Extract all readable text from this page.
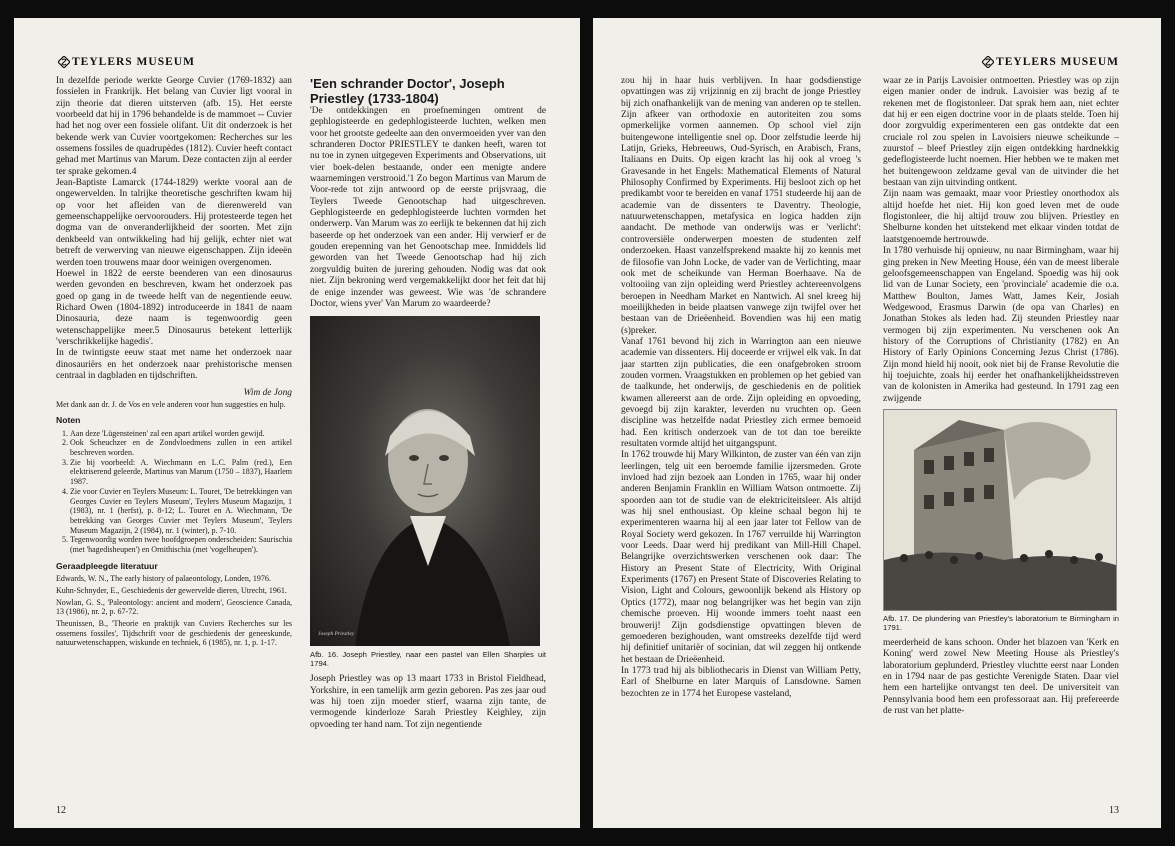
TEYLERS MUSEUM

In dezelfde periode werkte George Cuvier (1769-1832) aan fossielen in Frankrijk. Het belang van Cuvier ligt vooral in zijn theorie dat dieren uitsterven (afb. 15). Het eerste voorbeeld dat hij in 1796 behandelde is de mammoet -- Cuvier had het nog over een fossiele olifant. Uit dit onderzoek is het bekende werk van Cuvier voortgekomen: Recherches sur les ossemens fossiles de quadrupèdes (1812). Cuvier heeft contact gehad met Martinus van Marum. Deze contacten zijn al eerder ter sprake gekomen.4

Jean-Baptiste Lamarck (1744-1829) werkte vooral aan de ongewervelden. In talrijke theoretische geschriften kwam hij op voor het afleiden van de dierenwereld van gemeenschappelijke oervoorouders. Hij protesteerde tegen het dogma van de onveranderlijkheid der soorten. Met zijn denkbeeld van ontwikkeling had hij gelijk, echter niet wat betreft de verwerving van nieuwe eigenschappen. Zijn ideeën werden toen trouwens maar door weinigen overgenomen.

Hoewel in 1822 de eerste beenderen van een dinosaurus werden gevonden en beschreven, kwam het onderzoek pas goed op gang in de tweede helft van de negentiende eeuw. Richard Owen (1804-1892) introduceerde in 1841 de naam Dinosauria, deze naam is tegenwoordig geen wetenschappelijke meer.5 Dinosaurus betekent letterlijk 'verschrikkelijke hagedis'.

In de twintigste eeuw staat met name het onderzoek naar dinosauriërs en het onderzoek naar prehistorische mensen centraal in dagbladen en tijdschriften.

Wim de Jong

Met dank aan dr. J. de Vos en vele anderen voor hun suggesties en hulp.

Noten
1. Aan deze 'Lügensteinen' zal een apart artikel worden gewijd.
2. Ook Scheuchzer en de Zondvloedmens zullen in een artikel beschreven worden.
3. Zie bij voorbeeld: A. Wiechmann en L.C. Palm (red.), Een elektriserend geleerde, Martinus van Marum (1750 – 1837), Haarlem 1987.
4. Zie voor Cuvier en Teylers Museum: L. Touret, 'De betrekkingen van Georges Cuvier en Teylers Museum', Teylers Museum Magazijn, 1 (1983), nr. 1 (herfst), p. 8-12; L. Touret en A. Wiechmann, 'De betrekking van Georges Cuvier met Teylers Museum', Teylers Museum Magazijn, 2 (1984), nr. 1 (winter), p. 7-10.
5. Tegenwoordig worden twee hoofdgroepen onderscheiden: Saurischia (met 'hagedisheupen') en Ornithischia (met 'vogelheupen').
Geraadpleegde literatuur

Edwards, W. N., The early history of palaeontology, Londen, 1976.

Kuhn-Schnyder, E., Geschiedenis der gewervelde dieren, Utrecht, 1961.

Nowlan, G. S., 'Paleontology: ancient and modern', Geoscience Canada, 13 (1986), nr. 2, p. 67-72.

Theunissen, B., 'Theorie en praktijk van Cuviers Recherches sur les ossemens fossiles', Tijdschrift voor de geschiedenis der geneeskunde, natuurwetenschappen, wiskunde en techniek, 6 (1985), nr. 1, p. 1-17.

'Een schrander Doctor', Joseph Priestley (1733-1804)

'De ontdekkingen en proefnemingen omtrent de gephlogisteerde en gedephlogisteerde luchten, welken men voor het grootste gedeelte aan den onvermoeiden yver van den schranderen Doctor PRIESTLEY te danken heeft, waren tot nu toe in zynen uitgegeven Experiments and Observations, uit vier boek-delen bestaande, onder een menigte andere waarnemingen verstrooid.'1 Zo begon Martinus van Marum de Voor-rede tot zijn antwoord op de eerste prijsvraag, die Teylers Tweede Genootschap had uitgeschreven. Gephlogisteerde en gedephlogisteerde luchten vormden het onderwerp. Van Marum was zo eerlijk te bekennen dat hij zich baseerde op het onderzoek van een ander. Hij verwierf er de gouden erepenning van het Genootschap mee. Inmiddels lid geworden van het Tweede Genootschap had hij zich zorgvuldig buiten de jurering gehouden. Nodig was dat ook niet. Zijn bekroning werd vergemakkelijkt door het feit dat hij de enige inzender was geweest. Wie was 'de schrandere Doctor, wiens yver' Van Marum zo waardeerde?

Joseph Priestley

Afb. 16. Joseph Priestley, naar een pastel van Ellen Sharples uit 1794.

Joseph Priestley was op 13 maart 1733 in Bristol Fieldhead, Yorkshire, in een tamelijk arm gezin geboren. Pas zes jaar oud was hij toen zijn moeder stierf, waarna zijn tante, de vermogende kinderloze Sarah Priestley Keighley, zijn opvoeding ter hand nam. Tot zijn negentiende

12
TEYLERS MUSEUM

zou hij in haar huis verblijven. In haar godsdienstige opvattingen was zij vrijzinnig en zij bracht de jonge Priestley bij zich onafhankelijk van de mening van anderen op te stellen. Zijn afkeer van orthodoxie en autoriteiten zou soms opmerkelijke vormen aannemen. Op school viel zijn buitengewone intelligentie snel op. Door zelfstudie leerde hij Latijn, Grieks, Hebreeuws, Oud-Syrisch, en Arabisch, Frans, Italiaans en Duits. Op eigen kracht las hij ook al vroeg 's Gravesande in het Engels: Mathematical Elements of Natural Philosophy Confirmed by Experiments. Hij besloot zich op het predikambt voor te bereiden en vanaf 1751 studeerde hij aan de academie van de dissenters te Daventry. Theologie, natuurwetenschappen, metafysica en logica hadden zijn aandacht. De methode van onderwijs was er 'verlicht': controversiële onderwerpen moesten de studenten zelf onderzoeken. Haast vanzelfsprekend maakte hij zo kennis met de filosofie van John Locke, de vader van de Verlichting, maar ook met de scheikunde van Herman Boerhaave. Na de voltooiing van zijn opleiding werd Priestley achtereenvolgens beroepen in Needham Market en Nantwich. Al snel kreeg hij moeilijkheden in beide plaatsen vanwege zijn twijfel over het bestaan van de Drieëenheid. Bovendien was hij een matig (s)preker.

Vanaf 1761 bevond hij zich in Warrington aan een nieuwe academie van dissenters. Hij doceerde er vrijwel elk vak. In dat jaar startten zijn publicaties, die een onafgebroken stroom zouden vormen. Vraagstukken en problemen op het gebied van de taalkunde, het onderwijs, de geschiedenis en de politiek kwamen allereerst aan de orde. Zijn opleiding en opvoeding, gevoegd bij zijn karakter, leverden nu vruchten op. Geen discipline was hetzelfde nadat Priestley zich ermee bemoeid had. Een kritisch onderzoek van de tot dan toe bereikte resultaten vormde altijd het uitgangspunt.

In 1762 trouwde hij Mary Wilkinton, de zuster van één van zijn leerlingen, telg uit een beroemde familie ijzersmeden. Grote invloed had zijn bezoek aan Londen in 1765, waar hij onder anderen Benjamin Franklin en William Watson ontmoette. Zij spoorden aan tot de studie van de elektriciteitsleer. Als altijd was hij snel enthousiast. Op kleine schaal begon hij te experimenteren waarna hij al een jaar later tot Fellow van de Royal Society werd gekozen. In 1767 verruilde hij Warrington voor Leeds. Daar werd hij predikant van Mill-Hill Chapel. Belangrijke overzichtswerken verschenen ook daar: The History an Present State of Electricity, With Original Experiments (1767) en Present State of Discoveries Relating to Vision, Light and Colours, gewoonlijk bekend als History op Optics (1772), maar nog belangrijker was het begin van zijn chemische proeven. Hij woonde immers toeht naast een brouwerij! Zijn godsdienstige opvattingen bleven de gemoederen bezighouden, want omstreeks dezelfde tijd werd hij definitief unitariër of socinian, dat wil zeggen hij ontkende het bestaan de Drieëenheid.

In 1773 trad hij als bibliothecaris in Dienst van William Petty, Earl of Shelburne en later Marquis of Lansdowne. Samen bezochten ze in 1774 het Europese vasteland,

waar ze in Parijs Lavoisier ontmoetten. Priestley was op zijn eigen manier onder de indruk. Lavoisier was bezig af te rekenen met de flogistonleer. Dat sprak hem aan, niet echter dat hij er een eigen doctrine voor in de plaats stelde. Toen hij door zorgvuldig experimenteren een gas ontdekte dat een cruciale rol zou spelen in Lavoisiers nieuwe scheikunde – zuurstof – bleef Priestley zijn eigen ontdekking hardnekkig gedeflogisteerde lucht noemen. Hier hebben we te maken met het buitengewoon zeldzame geval van de uitvinder die het bestaan van zijn uitvinding ontkent.

Zijn naam was gemaakt, maar voor Priestley onorthodox als altijd hoefde het niet. Hij kon goed leven met de oude flogistonleer, die hij altijd trouw zou blijven. Priestley en Shelburne konden het uitstekend met elkaar vinden totdat de laatstgenoemde hertrouwde.

In 1780 verhuisde hij opnieuw, nu naar Birmingham, waar hij ging preken in New Meeting House, één van de meest liberale geloofsgemeenschappen van Engeland. Spoedig was hij ook lid van de Lunar Society, een 'provinciale' academie die o.a. Matthew Boulton, James Watt, James Keir, Josiah Wedgewood, Erasmus Darwin (de opa van Charles) en Jonathan Stokes als leden had. Zij steunden Priestley naar vermogen bij zijn experimenten. Nu verschenen ook An history of the Corruptions of Christianity (1782) en An History of Early Opinions Concerning Jezus Christ (1786). Zijn mond hield hij nooit, ook niet bij de Franse Revolutie die hij toejuichte, zoals hij eerder het onafhankelijkheidsstreven van de kolonisten in Amerika had gesteund. In 1791 zag een zwijgende

Afb. 17. De plundering van Priestley's laboratorium te Birmingham in 1791.

meerderheid de kans schoon. Onder het blazoen van 'Kerk en Koning' werd zowel New Meeting House als Priestley's laboratorium geplunderd. Priestley vluchtte eerst naar Londen en in 1794 naar de pas gestichte Verenigde Staten. Daar viel hem een hartelijke ontvangst ten deel. De universiteit van Pennsylvania bood hem een professoraat aan. Hij prefereerde de rust van het platte-

13
